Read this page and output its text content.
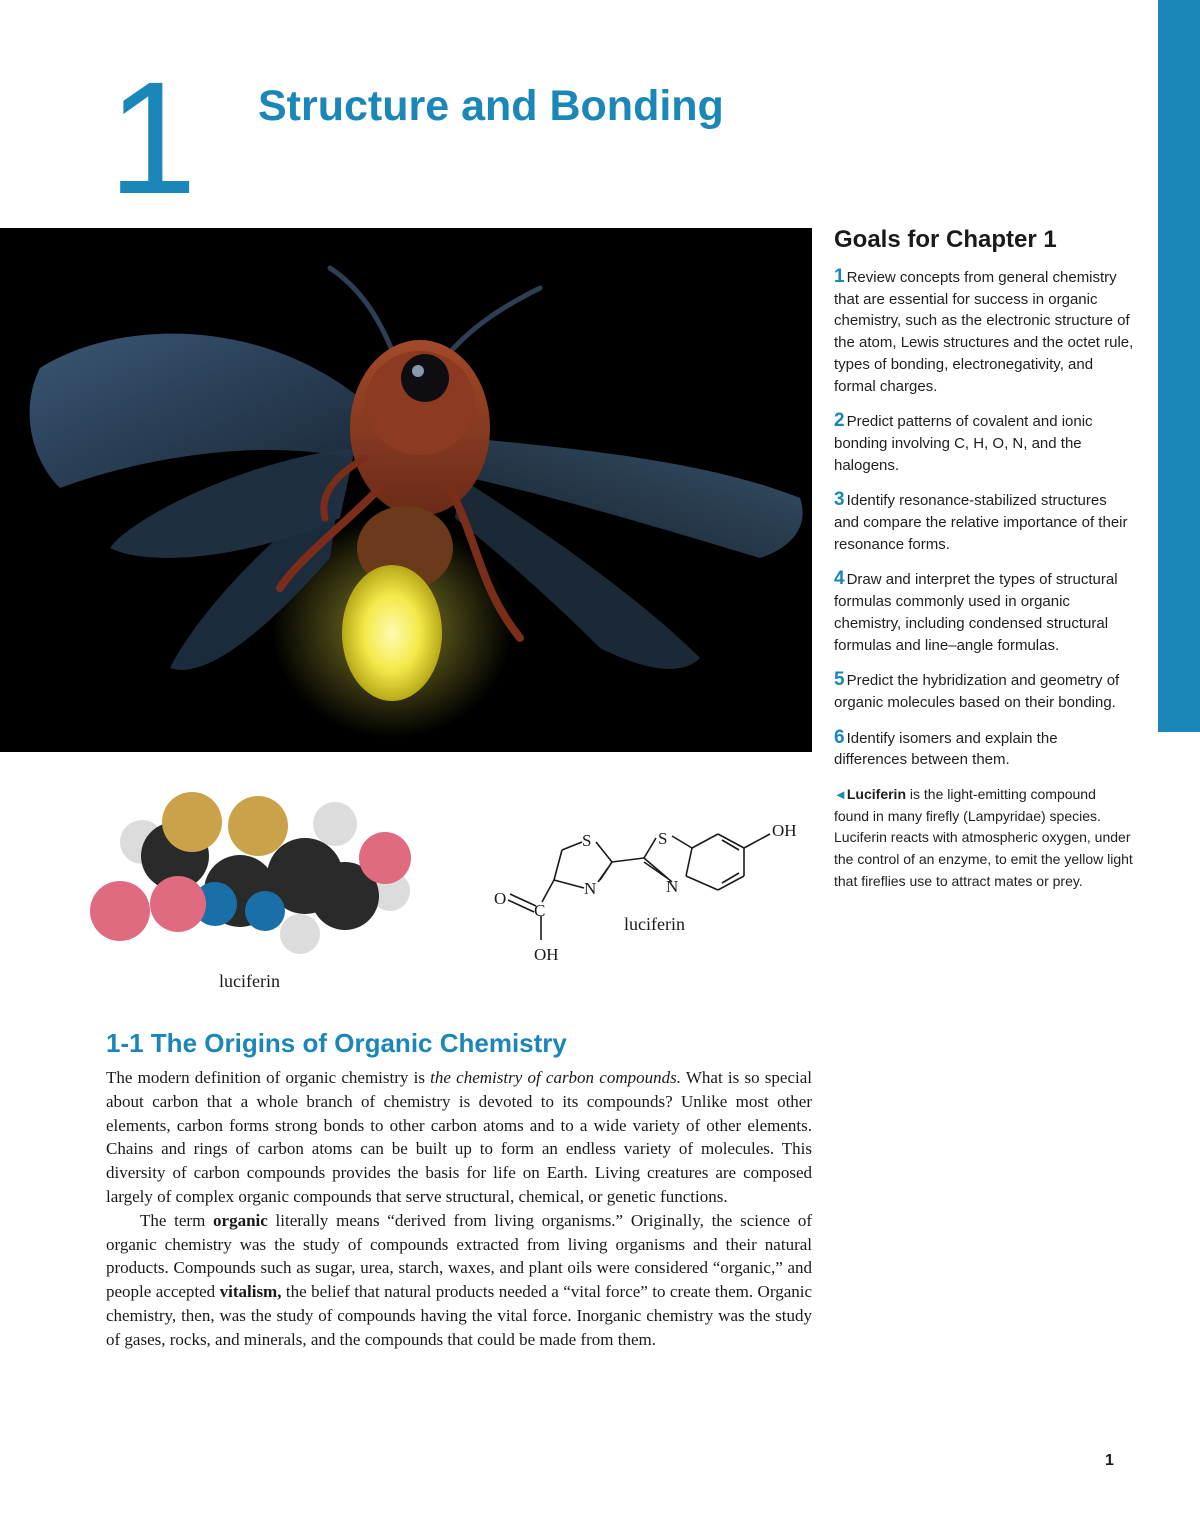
1 Structure and Bonding
Goals for Chapter 1
1 Review concepts from general chemistry that are essential for success in organic chemistry, such as the electronic structure of the atom, Lewis structures and the octet rule, types of bonding, electronegativity, and formal charges.
2 Predict patterns of covalent and ionic bonding involving C, H, O, N, and the halogens.
3 Identify resonance-stabilized structures and compare the relative importance of their resonance forms.
4 Draw and interpret the types of structural formulas commonly used in organic chemistry, including condensed structural formulas and line–angle formulas.
5 Predict the hybridization and geometry of organic molecules based on their bonding.
6 Identify isomers and explain the differences between them.
◄Luciferin is the light-emitting compound found in many firefly (Lampyridae) species. Luciferin reacts with atmospheric oxygen, under the control of an enzyme, to emit the yellow light that fireflies use to attract mates or prey.
luciferin
S
N
S
N
OH
O
C
OH
luciferin
1-1 The Origins of Organic Chemistry

The modern definition of organic chemistry is the chemistry of carbon compounds. What is so special about carbon that a whole branch of chemistry is devoted to its compounds? Unlike most other elements, carbon forms strong bonds to other carbon atoms and to a wide variety of other elements. Chains and rings of carbon atoms can be built up to form an endless variety of molecules. This diversity of carbon compounds provides the basis for life on Earth. Living creatures are composed largely of complex organic compounds that serve structural, chemical, or genetic functions.

The term organic literally means “derived from living organisms.” Originally, the science of organic chemistry was the study of compounds extracted from living organisms and their natural products. Compounds such as sugar, urea, starch, waxes, and plant oils were considered “organic,” and people accepted vitalism, the belief that natural products needed a “vital force” to create them. Organic chemistry, then, was the study of compounds having the vital force. Inorganic chemistry was the study of gases, rocks, and minerals, and the compounds that could be made from them.

1
